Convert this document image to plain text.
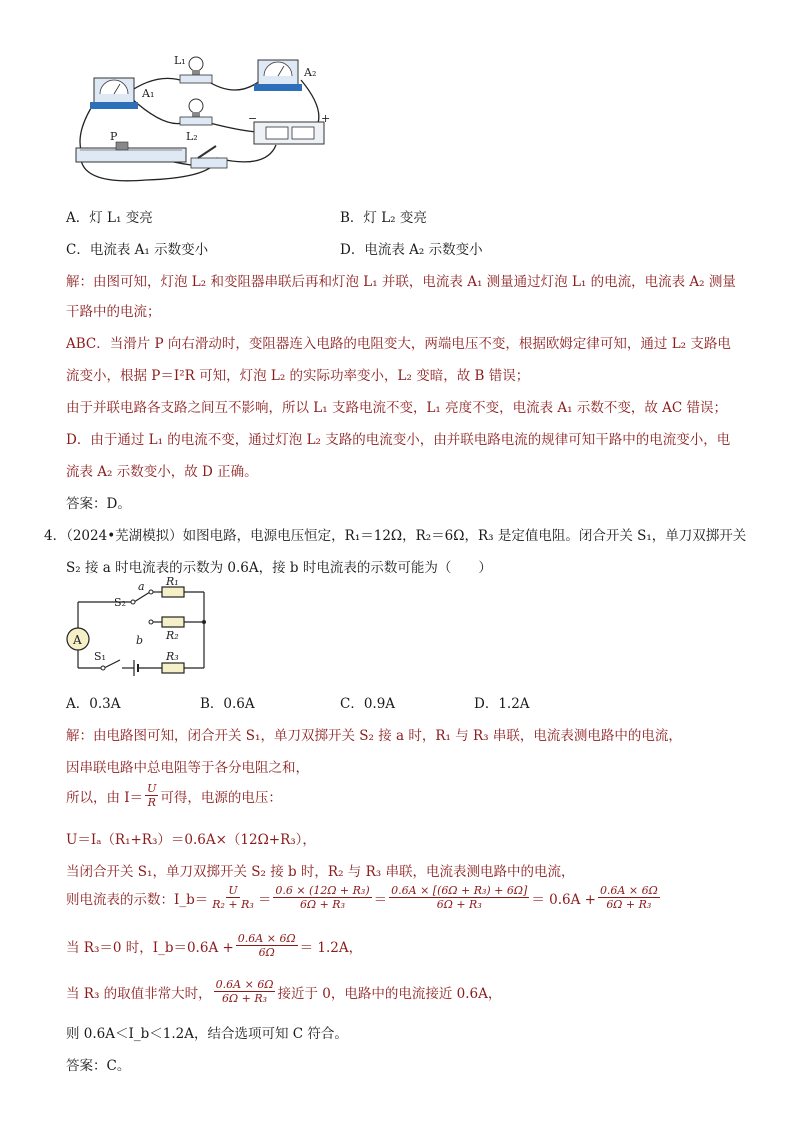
A₁
L₁
A₂
L₂
−	+
P
A．灯 L₁ 变亮	B．灯 L₂ 变亮
C．电流表 A₁ 示数变小	D．电流表 A₂ 示数变小
解：由图可知，灯泡 L₂ 和变阻器串联后再和灯泡 L₁ 并联，电流表 A₁ 测量通过灯泡 L₁ 的电流，电流表 A₂ 测量
干路中的电流；
ABC．当滑片 P 向右滑动时，变阻器连入电路的电阻变大，两端电压不变，根据欧姆定律可知，通过 L₂ 支路电
流变小，根据 P＝I²R 可知，灯泡 L₂ 的实际功率变小，L₂ 变暗，故 B 错误；
由于并联电路各支路之间互不影响，所以 L₁ 支路电流不变，L₁ 亮度不变，电流表 A₁ 示数不变，故 AC 错误；
D．由于通过 L₁ 的电流不变，通过灯泡 L₂ 支路的电流变小，由并联电路电流的规律可知干路中的电流变小，电
流表 A₂ 示数变小，故 D 正确。
答案：D。
4．（2024•芜湖模拟）如图电路，电源电压恒定，R₁＝12Ω，R₂＝6Ω，R₃ 是定值电阻。闭合开关 S₁，单刀双掷开关
S₂ 接 a 时电流表的示数为 0.6A，接 b 时电流表的示数可能为（　　）
A
S₂
a
b
R₁
R₂
R₃
S₁
A．0.3A	B．0.6A	C．0.9A	D．1.2A
解：由电路图可知，闭合开关 S₁，单刀双掷开关 S₂ 接 a 时，R₁ 与 R₃ 串联，电流表测电路中的电流，
因串联电路中总电阻等于各分电阻之和，
所以，由 $I= \frac{U}{R}$ 可得，电源的电压：
U＝Iₐ（R₁+R₃）＝0.6A×（12Ω+R₃），
当闭合开关 S₁，单刀双掷开关 S₂ 接 b 时，R₂ 与 R₃ 串联，电流表测电路中的电流，
则电流表的示数：I_b＝ $\frac{U}{\text{R₂ + R₃}} = \frac{\text{0.6 × (12Ω + R₃)}}{\text{6Ω + R₃}} = \frac{\text{0.6A × [(6Ω + R₃) + 6Ω]}}{\text{6Ω + R₃}} = 0.6A + \frac{0.6A \times 6\Omega}{\text{6Ω + R₃}}$
当 R₃＝0 时，I_b＝0.6A + $\frac{0.6A \times 6\Omega}{6\Omega} = 1.2A$，
当 R₃ 的取值非常大时， $\frac{0.6A \times 6\Omega}{\text{6Ω + R₃}}$ 接近于 0，电路中的电流接近 0.6A，
则 0.6A＜I_b＜1.2A，结合选项可知 C 符合。
答案：C。
